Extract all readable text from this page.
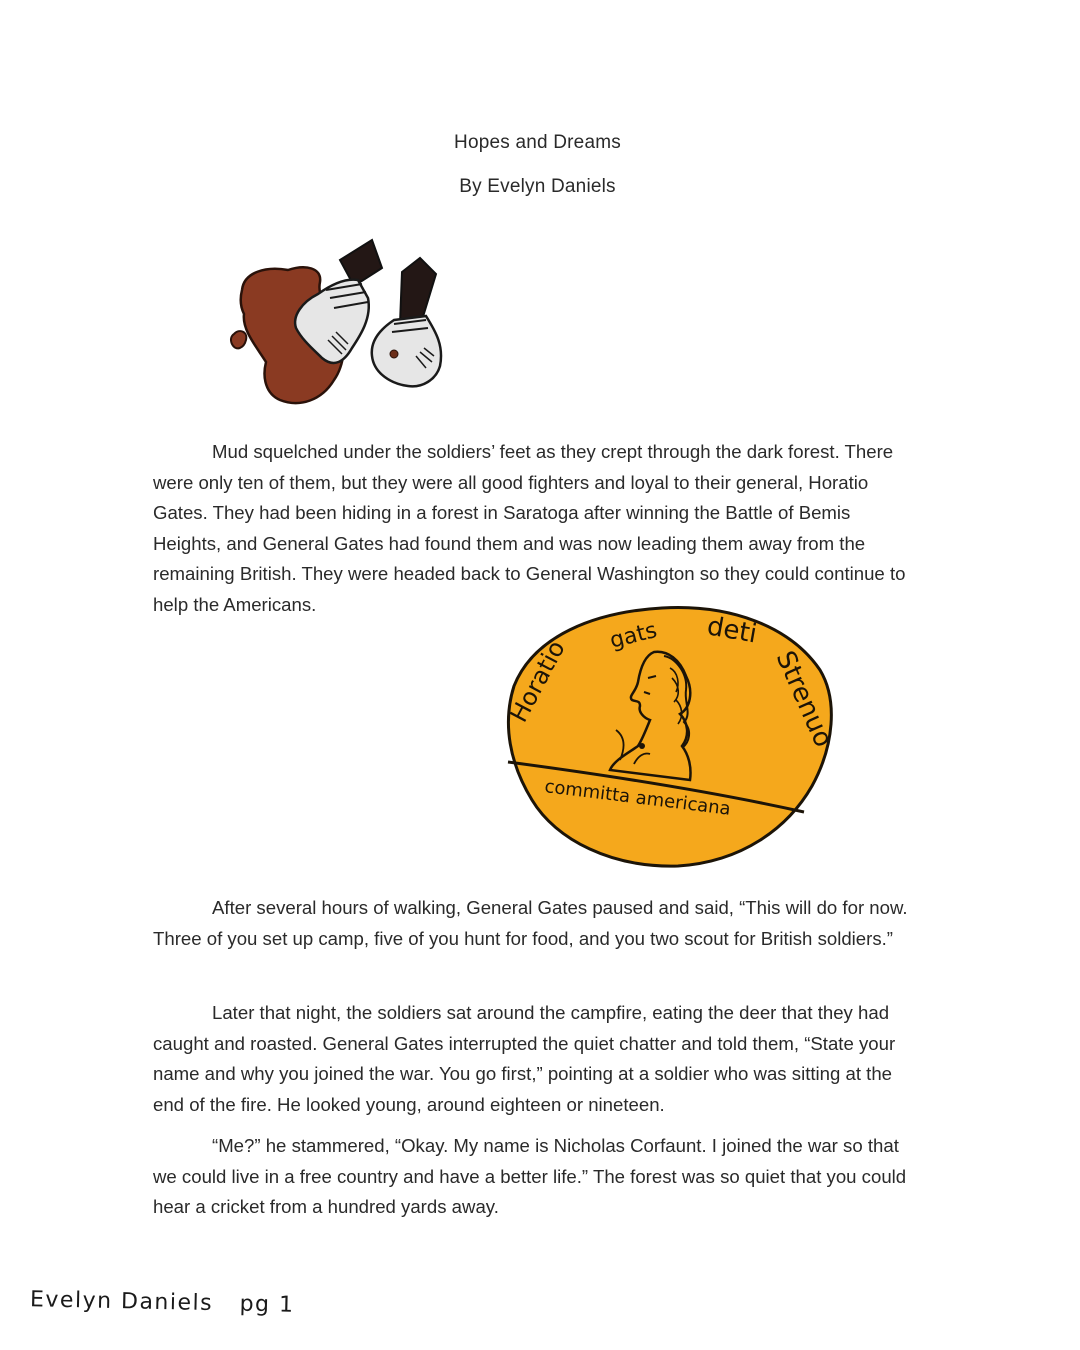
Hopes and Dreams
By Evelyn Daniels

Mud squelched under the soldiers’ feet as they crept through the dark forest. There were only ten of them, but they were all good fighters and loyal to their general, Horatio Gates. They had been hiding in a forest in Saratoga after winning the Battle of Bemis Heights, and General Gates had found them and was now leading them away from the remaining British. They were headed back to General Washington so they could continue to help the Americans.

Horatio gats deti
Strenuo
committa americana

After several hours of walking, General Gates paused and said, “This will do for now. Three of you set up camp, five of you hunt for food, and you two scout for British soldiers.”

Later that night, the soldiers sat around the campfire, eating the deer that they had caught and roasted. General Gates interrupted the quiet chatter and told them, “State your name and why you joined the war. You go first,” pointing at a soldier who was sitting at the end of the fire. He looked young, around eighteen or nineteen.

“Me?” he stammered, “Okay. My name is Nicholas Corfaunt. I joined the war so that we could live in a free country and have a better life.” The forest was so quiet that you could hear a cricket from a hundred yards away.

Evelyn Daniels pg 1
